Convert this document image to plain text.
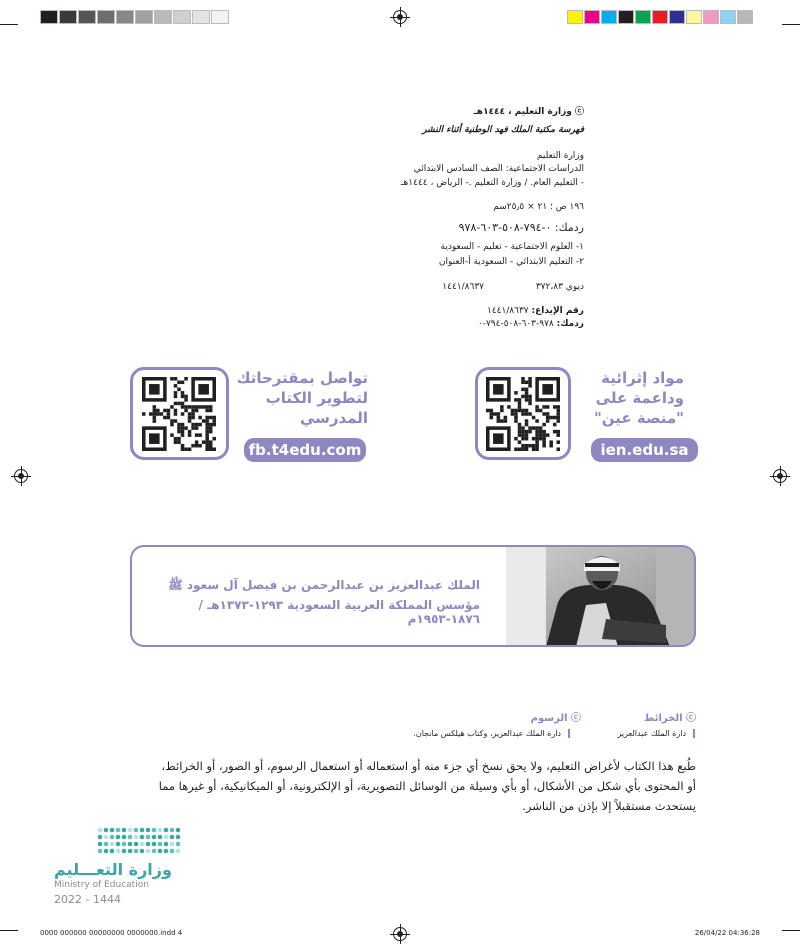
ⓒ وزارة التعليم ، ١٤٤٤هـ
فهرسة مكتبة الملك فهد الوطنية أثناء النشر
وزارة التعليم
الدراسات الاجتماعية: الصف السادس الابتدائي
- التعليم العام. / وزارة التعليم .- الرياض ، ١٤٤٤هـ
١٩٦ ص ؛ ٢١ × ٢٥٫٥سم
ردمك: ٠-٧٩٤-٥٠٨-٦٠٣-٩٧٨
١- العلوم الاجتماعية - تعليم - السعودية
٢- التعليم الابتدائي - السعودية أ-العنوان
ديوي ٣٧٢،٨٣
١٤٤١/٨٦٣٧
رقم الإيداع: ١٤٤١/٨٦٣٧
ردمك: ٩٧٨-٦٠٣-٥٠٨-٧٩٤-٠
تواصل بمقترحاتك
لتطوير الكتاب
المدرسي
fb.t4edu.com
مواد إثرائية
وداعمة على
"منصة عين"
ien.edu.sa
الملك عبدالعزيز بن عبدالرحمن بن فيصل آل سعود ﷺ
مؤسس المملكة العربية السعودية ١٢٩٣-١٣٧٣هـ / ١٨٧٦-١٩٥٣م
ⓒ الخرائط
دارة الملك عبدالعزيز
ⓒ الرسوم
دارة الملك عبدالعزيز، وكتاب هيلكس مانجان.
طُبع هذا الكتاب لأغراض التعليم، ولا يحق نسخ أي جزء منه أو استعماله أو استعمال الرسوم، أو الصور، أو الخرائط،
أو المحتوى بأي شكل من الأشكال، أو بأي وسيلة من الوسائل التصويرية، أو الإلكترونية، أو الميكانيكية، أو غيرها مما
يستحدث مستقبلاً إلا بإذن من الناشر.
وزارة التعـــليم
Ministry of Education
2022 - 1444
0000 000000 00000000 0000000.indd 4	26/04/22 04:36:28
